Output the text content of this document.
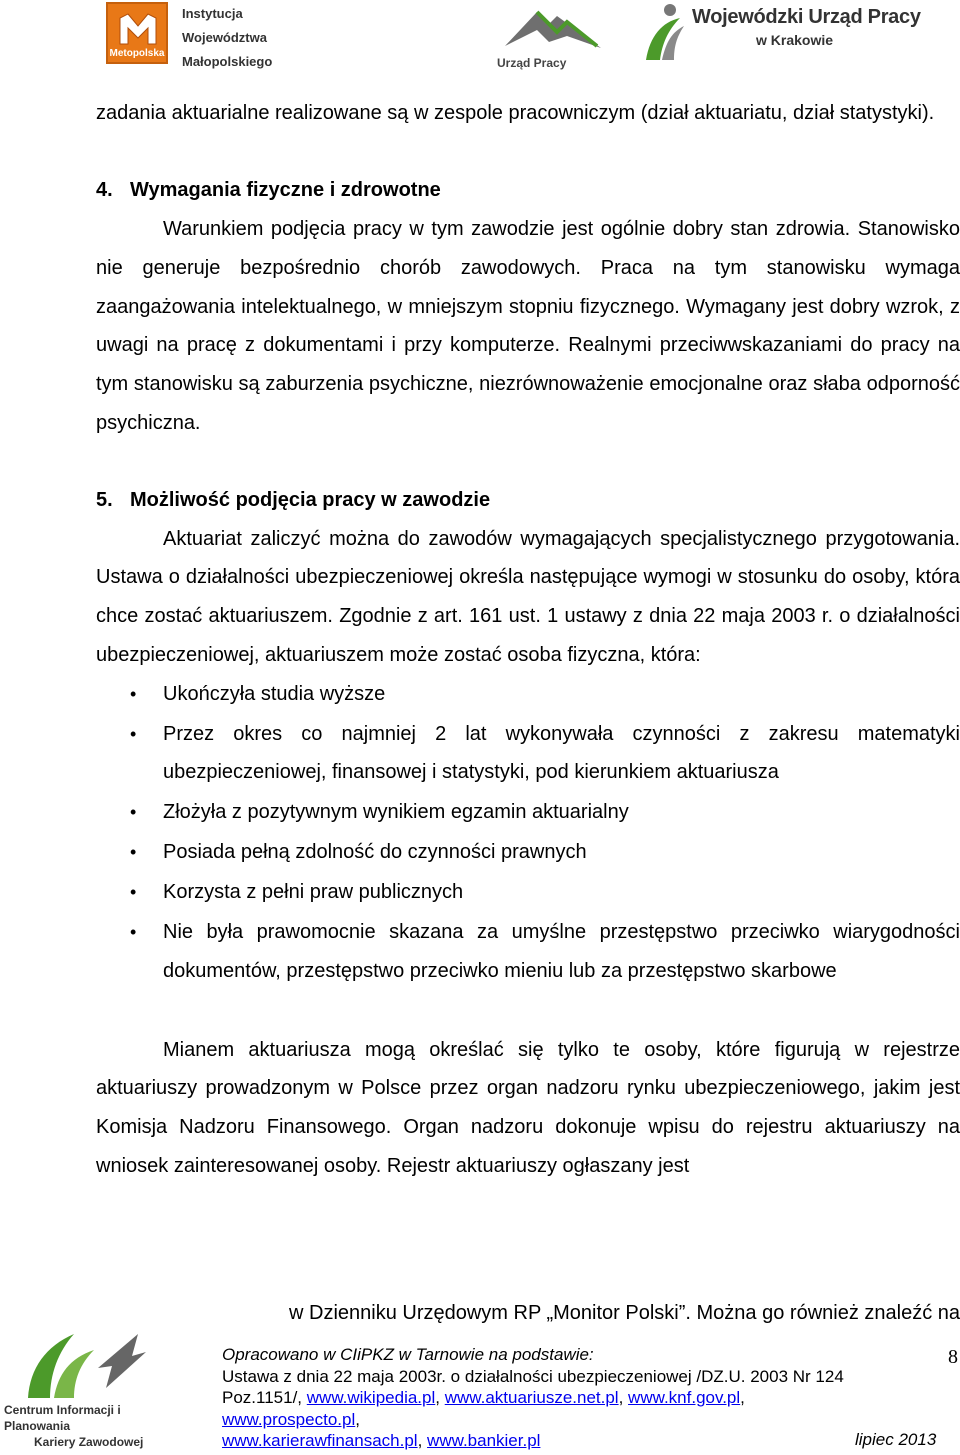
Metopolska
Instytucja
Województwa
Małopolskiego	Urząd Pracy
Wojewódzki Urząd Pracy
w Krakowie

zadania aktuarialne realizowane są w zespole pracowniczym (dział aktuariatu, dział statystyki).

4. Wymagania fizyczne i zdrowotne

Warunkiem podjęcia pracy w tym zawodzie jest ogólnie dobry stan zdrowia. Stanowisko nie generuje bezpośrednio chorób zawodowych. Praca na tym stanowisku wymaga zaangażowania intelektualnego, w mniejszym stopniu fizycznego. Wymagany jest dobry wzrok, z uwagi na pracę z dokumentami i przy komputerze. Realnymi przeciwwskazaniami do pracy na tym stanowisku są zaburzenia psychiczne, niezrównoważenie emocjonalne oraz słaba odporność psychiczna.

5. Możliwość podjęcia pracy w zawodzie

Aktuariat zaliczyć można do zawodów wymagających specjalistycznego przygotowania. Ustawa o działalności ubezpieczeniowej określa następujące wymogi w stosunku do osoby, która chce zostać aktuariuszem. Zgodnie z art. 161 ust. 1 ustawy z dnia 22 maja 2003 r. o działalności ubezpieczeniowej, aktuariuszem może zostać osoba fizyczna, która:

• Ukończyła studia wyższe
• Przez okres co najmniej 2 lat wykonywała czynności z zakresu matematyki ubezpieczeniowej, finansowej i statystyki, pod kierunkiem aktuariusza
• Złożyła z pozytywnym wynikiem egzamin aktuarialny
• Posiada pełną zdolność do czynności prawnych
• Korzysta z pełni praw publicznych
• Nie była prawomocnie skazana za umyślne przestępstwo przeciwko wiarygodności dokumentów, przestępstwo przeciwko mieniu lub za przestępstwo skarbowe

Mianem aktuariusza mogą określać się tylko te osoby, które figurują w rejestrze aktuariuszy prowadzonym w Polsce przez organ nadzoru rynku ubezpieczeniowego, jakim jest Komisja Nadzoru Finansowego. Organ nadzoru dokonuje wpisu do rejestru aktuariuszy na wniosek zainteresowanej osoby. Rejestr aktuariuszy ogłaszany jest

w Dzienniku Urzędowym RP „Monitor Polski”. Można go również znaleźć na
Centrum Informacji i Planowania
Kariery Zawodowej
Opracowano w CIiPKZ w Tarnowie na podstawie:
Ustawa z dnia 22 maja 2003r. o działalności ubezpieczeniowej /DZ.U. 2003 Nr 124
Poz.1151/, www.wikipedia.pl, www.aktuariusze.net.pl, www.knf.gov.pl,
www.prospecto.pl,
www.karierawfinansach.pl, www.bankier.pl
8
lipiec 2013
